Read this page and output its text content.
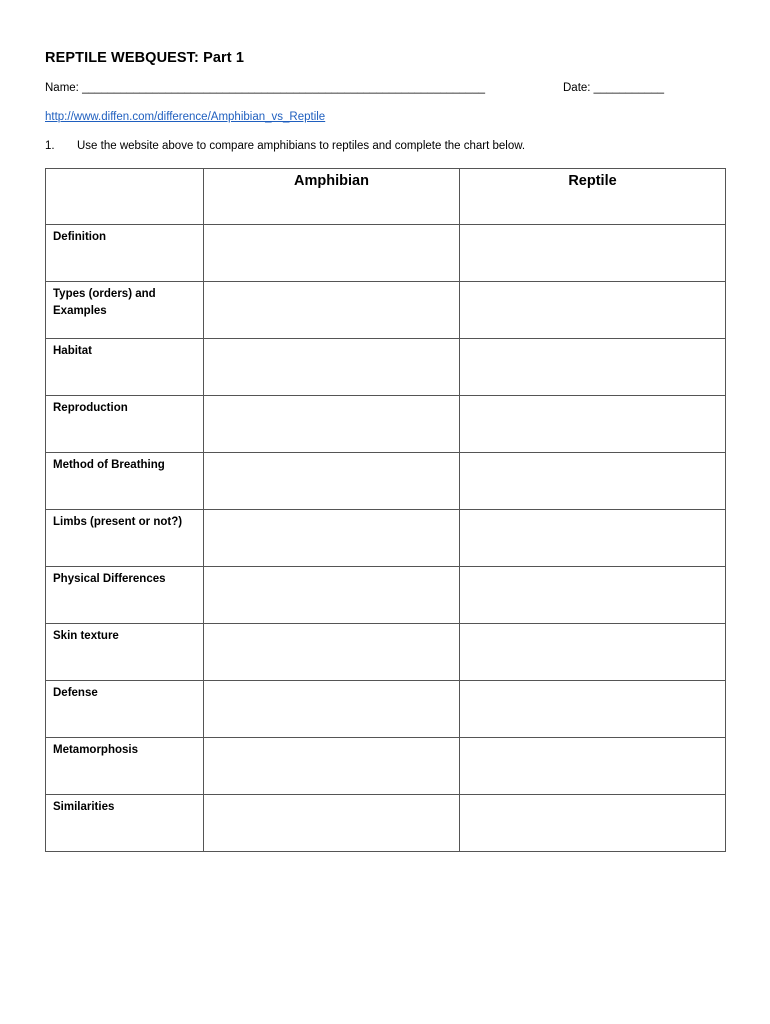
REPTILE WEBQUEST: Part 1
Name: _______________________________________________________________	Date: ___________
http://www.diffen.com/difference/Amphibian_vs_Reptile
1. Use the website above to compare amphibians to reptiles and complete the chart below.
	Amphibian	Reptile
Definition		
Types (orders) and Examples		
Habitat		
Reproduction		
Method of Breathing		
Limbs (present or not?)		
Physical Differences		
Skin texture		
Defense		
Metamorphosis		
Similarities		
